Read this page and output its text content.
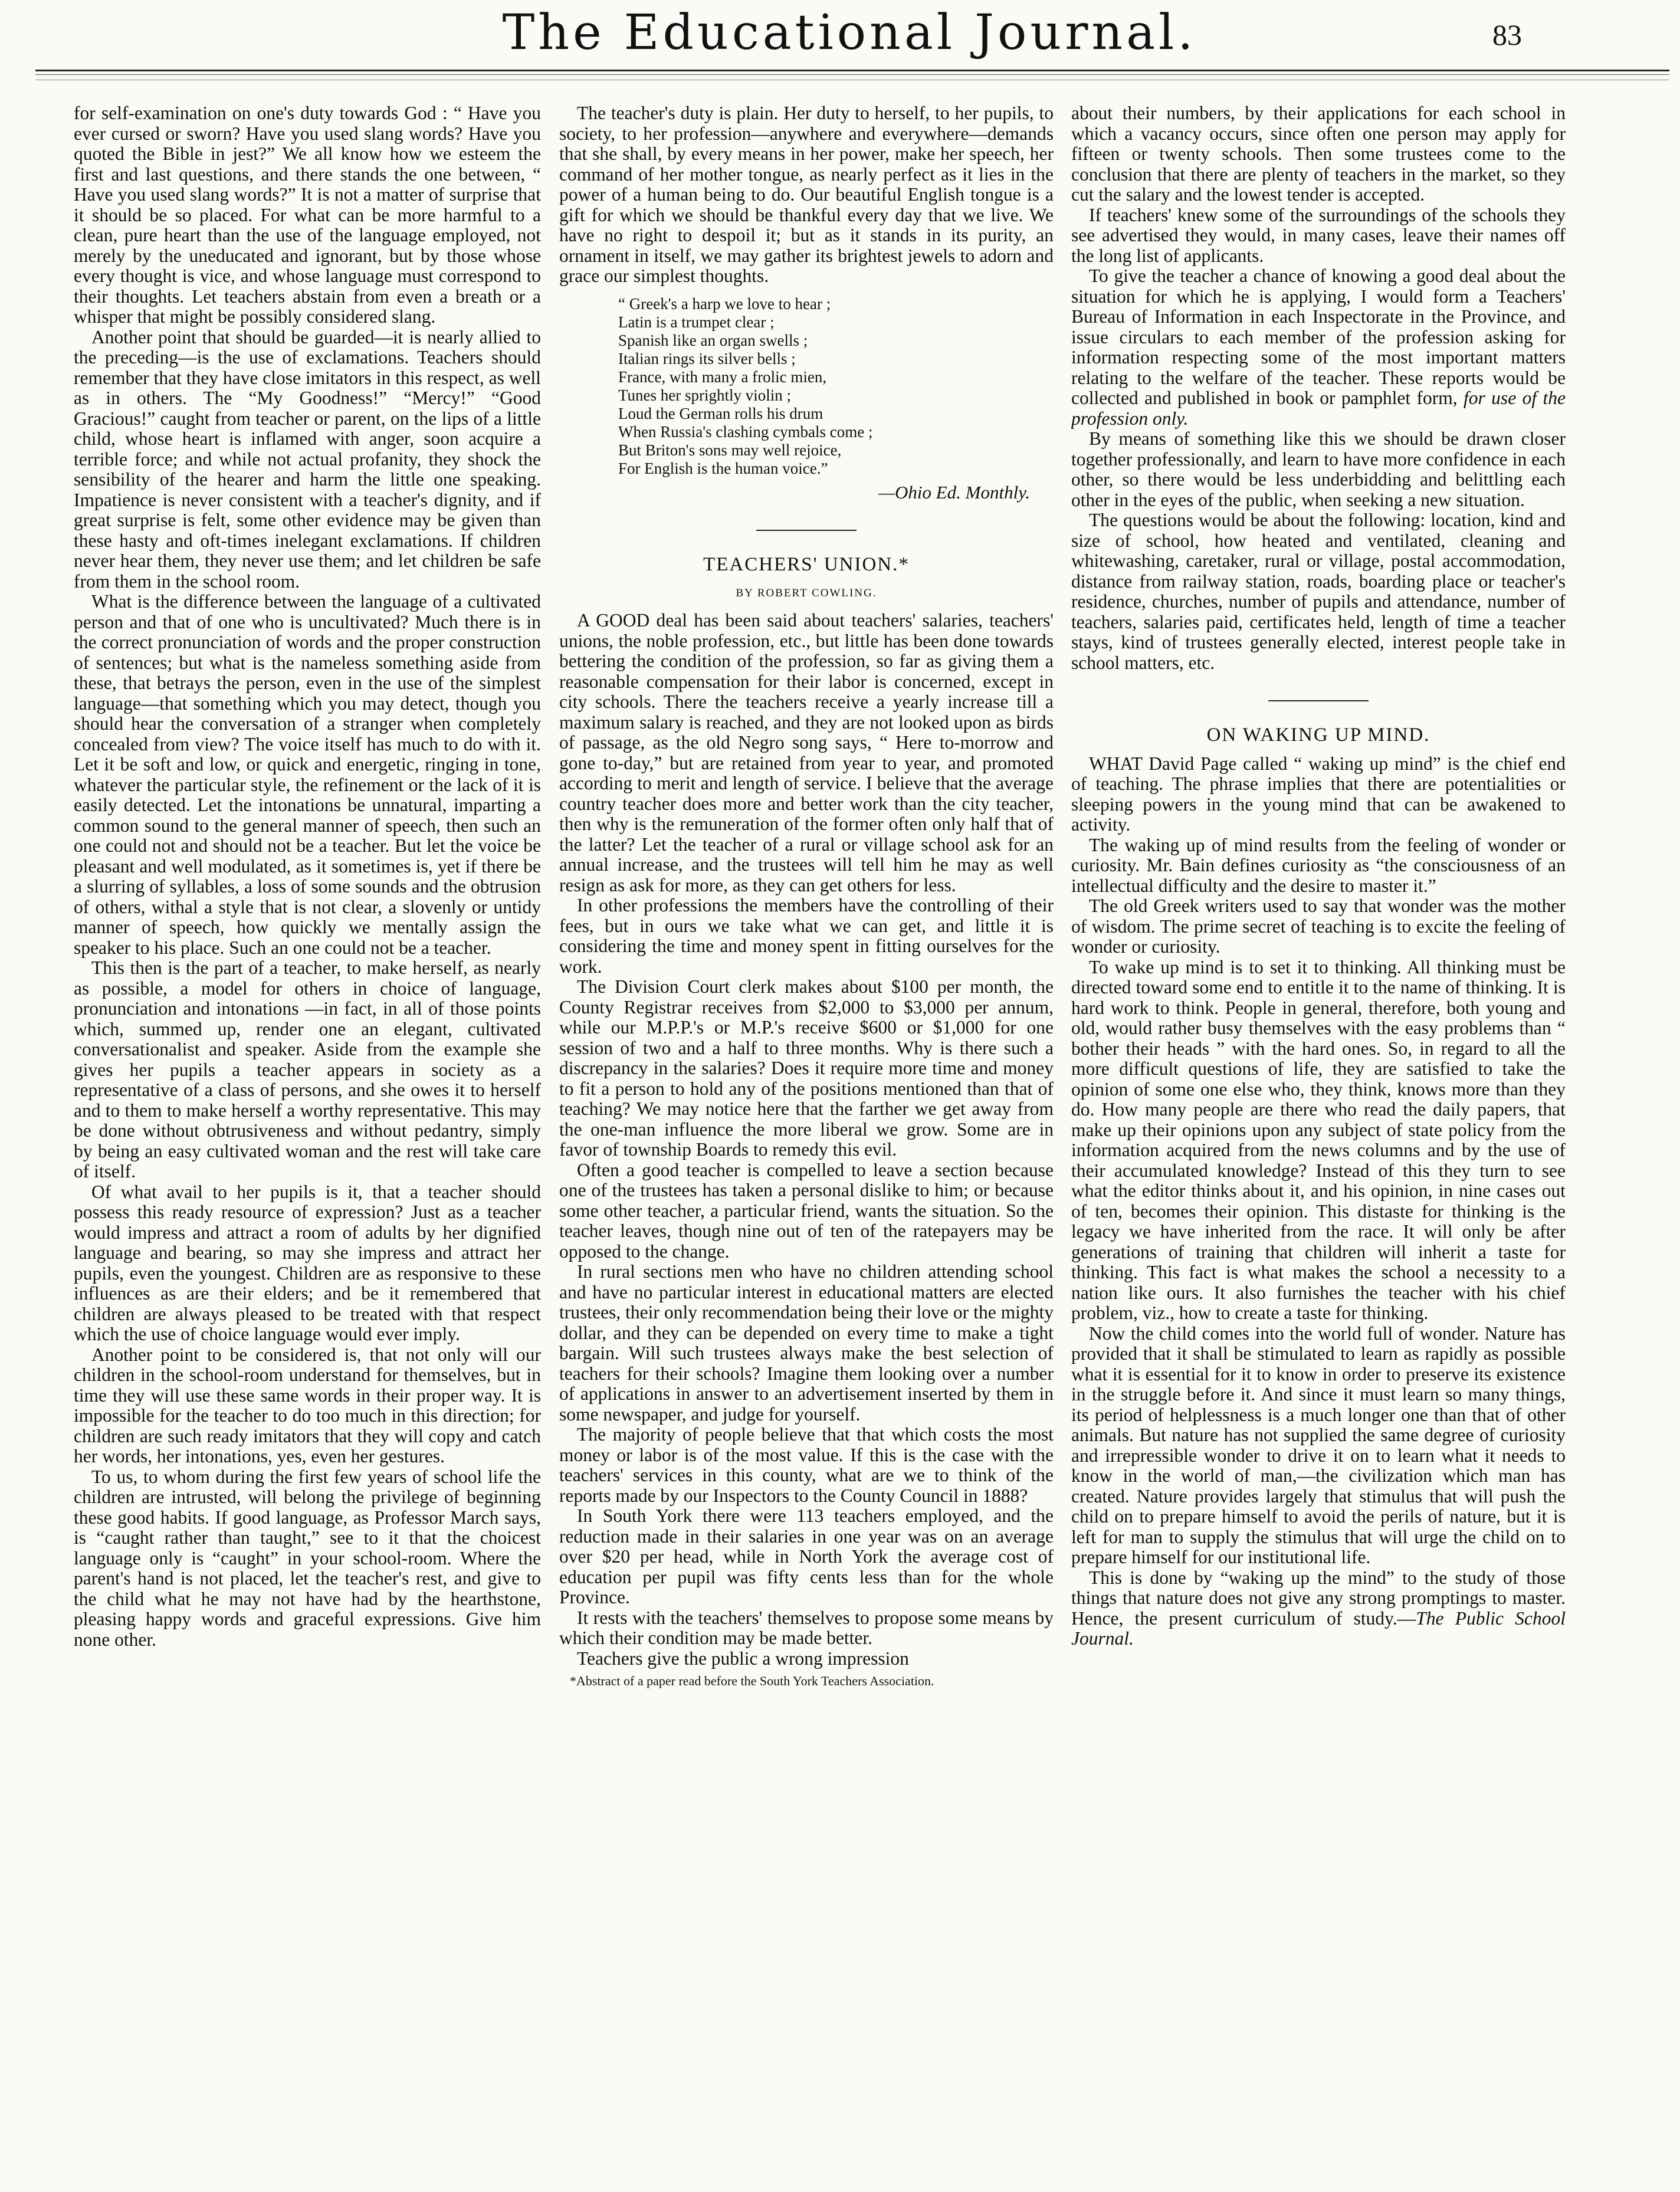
The Educational Journal.	83

for self-examination on one's duty towards God : “ Have you ever cursed or sworn? Have you used slang words? Have you quoted the Bible in jest?” We all know how we esteem the first and last questions, and there stands the one between, “ Have you used slang words?” It is not a matter of surprise that it should be so placed. For what can be more harmful to a clean, pure heart than the use of the language employed, not merely by the uneducated and ignorant, but by those whose every thought is vice, and whose language must correspond to their thoughts. Let teachers abstain from even a breath or a whisper that might be possibly considered slang.

Another point that should be guarded—it is nearly allied to the preceding—is the use of exclamations. Teachers should remember that they have close imitators in this respect, as well as in others. The “My Goodness!” “Mercy!” “Good Gracious!” caught from teacher or parent, on the lips of a little child, whose heart is inflamed with anger, soon acquire a terrible force; and while not actual profanity, they shock the sensibility of the hearer and harm the little one speaking. Impatience is never consistent with a teacher's dignity, and if great surprise is felt, some other evidence may be given than these hasty and oft-times inelegant exclamations. If children never hear them, they never use them; and let children be safe from them in the school room.

What is the difference between the language of a cultivated person and that of one who is uncultivated? Much there is in the correct pronunciation of words and the proper construction of sentences; but what is the nameless something aside from these, that betrays the person, even in the use of the simplest language—that something which you may detect, though you should hear the conversation of a stranger when completely concealed from view? The voice itself has much to do with it. Let it be soft and low, or quick and energetic, ringing in tone, whatever the particular style, the refinement or the lack of it is easily detected. Let the intonations be unnatural, imparting a common sound to the general manner of speech, then such an one could not and should not be a teacher. But let the voice be pleasant and well modulated, as it sometimes is, yet if there be a slurring of syllables, a loss of some sounds and the obtrusion of others, withal a style that is not clear, a slovenly or untidy manner of speech, how quickly we mentally assign the speaker to his place. Such an one could not be a teacher.

This then is the part of a teacher, to make herself, as nearly as possible, a model for others in choice of language, pronunciation and intonations —in fact, in all of those points which, summed up, render one an elegant, cultivated conversationalist and speaker. Aside from the example she gives her pupils a teacher appears in society as a representative of a class of persons, and she owes it to herself and to them to make herself a worthy representative. This may be done without obtrusiveness and without pedantry, simply by being an easy cultivated woman and the rest will take care of itself.

Of what avail to her pupils is it, that a teacher should possess this ready resource of expression? Just as a teacher would impress and attract a room of adults by her dignified language and bearing, so may she impress and attract her pupils, even the youngest. Children are as responsive to these influences as are their elders; and be it remembered that children are always pleased to be treated with that respect which the use of choice language would ever imply.

Another point to be considered is, that not only will our children in the school-room understand for themselves, but in time they will use these same words in their proper way. It is impossible for the teacher to do too much in this direction; for children are such ready imitators that they will copy and catch her words, her intonations, yes, even her gestures.

To us, to whom during the first few years of school life the children are intrusted, will belong the privilege of beginning these good habits. If good language, as Professor March says, is “caught rather than taught,” see to it that the choicest language only is “caught” in your school-room. Where the parent's hand is not placed, let the teacher's rest, and give to the child what he may not have had by the hearthstone, pleasing happy words and graceful expressions. Give him none other.

The teacher's duty is plain. Her duty to herself, to her pupils, to society, to her profession—anywhere and everywhere—demands that she shall, by every means in her power, make her speech, her command of her mother tongue, as nearly perfect as it lies in the power of a human being to do. Our beautiful English tongue is a gift for which we should be thankful every day that we live. We have no right to despoil it; but as it stands in its purity, an ornament in itself, we may gather its brightest jewels to adorn and grace our simplest thoughts.

“ Greek's a harp we love to hear ;
Latin is a trumpet clear ;
Spanish like an organ swells ;
Italian rings its silver bells ;
France, with many a frolic mien,
Tunes her sprightly violin ;
Loud the German rolls his drum
When Russia's clashing cymbals come ;
But Briton's sons may well rejoice,
For English is the human voice.”
—Ohio Ed. Monthly.
TEACHERS' UNION.*
BY ROBERT COWLING.

A GOOD deal has been said about teachers' salaries, teachers' unions, the noble profession, etc., but little has been done towards bettering the condition of the profession, so far as giving them a reasonable compensation for their labor is concerned, except in city schools. There the teachers receive a yearly increase till a maximum salary is reached, and they are not looked upon as birds of passage, as the old Negro song says, “ Here to-morrow and gone to-day,” but are retained from year to year, and promoted according to merit and length of service. I believe that the average country teacher does more and better work than the city teacher, then why is the remuneration of the former often only half that of the latter? Let the teacher of a rural or village school ask for an annual increase, and the trustees will tell him he may as well resign as ask for more, as they can get others for less.

In other professions the members have the controlling of their fees, but in ours we take what we can get, and little it is considering the time and money spent in fitting ourselves for the work.

The Division Court clerk makes about $100 per month, the County Registrar receives from $2,000 to $3,000 per annum, while our M.P.P.'s or M.P.'s receive $600 or $1,000 for one session of two and a half to three months. Why is there such a discrepancy in the salaries? Does it require more time and money to fit a person to hold any of the positions mentioned than that of teaching? We may notice here that the farther we get away from the one-man influence the more liberal we grow. Some are in favor of township Boards to remedy this evil.

Often a good teacher is compelled to leave a section because one of the trustees has taken a personal dislike to him; or because some other teacher, a particular friend, wants the situation. So the teacher leaves, though nine out of ten of the ratepayers may be opposed to the change.

In rural sections men who have no children attending school and have no particular interest in educational matters are elected trustees, their only recommendation being their love or the mighty dollar, and they can be depended on every time to make a tight bargain. Will such trustees always make the best selection of teachers for their schools? Imagine them looking over a number of applications in answer to an advertisement inserted by them in some newspaper, and judge for yourself.

The majority of people believe that that which costs the most money or labor is of the most value. If this is the case with the teachers' services in this county, what are we to think of the reports made by our Inspectors to the County Council in 1888?

In South York there were 113 teachers employed, and the reduction made in their salaries in one year was on an average over $20 per head, while in North York the average cost of education per pupil was fifty cents less than for the whole Province.

It rests with the teachers' themselves to propose some means by which their condition may be made better.

Teachers give the public a wrong impression

*Abstract of a paper read before the South York Teachers Association.

about their numbers, by their applications for each school in which a vacancy occurs, since often one person may apply for fifteen or twenty schools. Then some trustees come to the conclusion that there are plenty of teachers in the market, so they cut the salary and the lowest tender is accepted.

If teachers' knew some of the surroundings of the schools they see advertised they would, in many cases, leave their names off the long list of applicants.

To give the teacher a chance of knowing a good deal about the situation for which he is applying, I would form a Teachers' Bureau of Information in each Inspectorate in the Province, and issue circulars to each member of the profession asking for information respecting some of the most important matters relating to the welfare of the teacher. These reports would be collected and published in book or pamphlet form, for use of the profession only.

By means of something like this we should be drawn closer together professionally, and learn to have more confidence in each other, so there would be less underbidding and belittling each other in the eyes of the public, when seeking a new situation.

The questions would be about the following: location, kind and size of school, how heated and ventilated, cleaning and whitewashing, caretaker, rural or village, postal accommodation, distance from railway station, roads, boarding place or teacher's residence, churches, number of pupils and attendance, number of teachers, salaries paid, certificates held, length of time a teacher stays, kind of trustees generally elected, interest people take in school matters, etc.

ON WAKING UP MIND.

WHAT David Page called “ waking up mind” is the chief end of teaching. The phrase implies that there are potentialities or sleeping powers in the young mind that can be awakened to activity.

The waking up of mind results from the feeling of wonder or curiosity. Mr. Bain defines curiosity as “the consciousness of an intellectual difficulty and the desire to master it.”

The old Greek writers used to say that wonder was the mother of wisdom. The prime secret of teaching is to excite the feeling of wonder or curiosity.

To wake up mind is to set it to thinking. All thinking must be directed toward some end to entitle it to the name of thinking. It is hard work to think. People in general, therefore, both young and old, would rather busy themselves with the easy problems than “ bother their heads ” with the hard ones. So, in regard to all the more difficult questions of life, they are satisfied to take the opinion of some one else who, they think, knows more than they do. How many people are there who read the daily papers, that make up their opinions upon any subject of state policy from the information acquired from the news columns and by the use of their accumulated knowledge? Instead of this they turn to see what the editor thinks about it, and his opinion, in nine cases out of ten, becomes their opinion. This distaste for thinking is the legacy we have inherited from the race. It will only be after generations of training that children will inherit a taste for thinking. This fact is what makes the school a necessity to a nation like ours. It also furnishes the teacher with his chief problem, viz., how to create a taste for thinking.

Now the child comes into the world full of wonder. Nature has provided that it shall be stimulated to learn as rapidly as possible what it is essential for it to know in order to preserve its existence in the struggle before it. And since it must learn so many things, its period of helplessness is a much longer one than that of other animals. But nature has not supplied the same degree of curiosity and irrepressible wonder to drive it on to learn what it needs to know in the world of man,—the civilization which man has created. Nature provides largely that stimulus that will push the child on to prepare himself to avoid the perils of nature, but it is left for man to supply the stimulus that will urge the child on to prepare himself for our institutional life.

This is done by “waking up the mind” to the study of those things that nature does not give any strong promptings to master. Hence, the present curriculum of study.—The Public School Journal.
